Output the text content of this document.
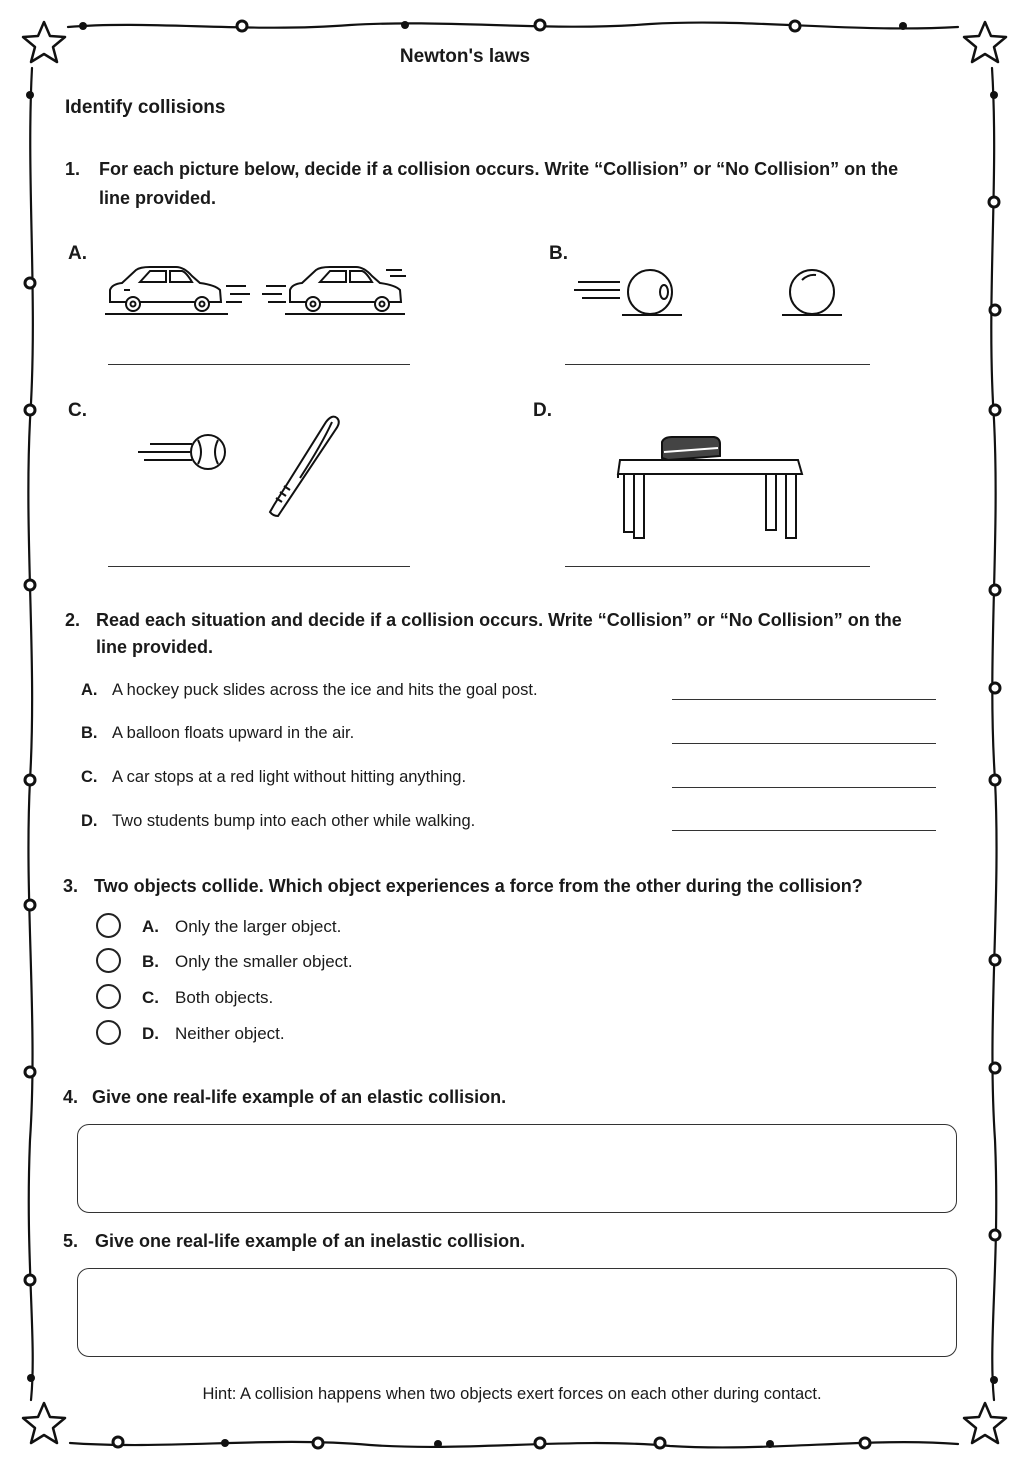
Newton's laws
Identify collisions
1. For each picture below, decide if a collision occurs. Write “Collision” or “No Collision” on the line provided.
A.	B.
C.	D.
2. Read each situation and decide if a collision occurs. Write “Collision” or “No Collision” on the line provided.
A. A hockey puck slides across the ice and hits the goal post.
B. A balloon floats upward in the air.
C. A car stops at a red light without hitting anything.
D. Two students bump into each other while walking.
3. Two objects collide. Which object experiences a force from the other during the collision?
A. Only the larger object.
B. Only the smaller object.
C. Both objects.
D. Neither object.
4. Give one real-life example of an elastic collision.
5. Give one real-life example of an inelastic collision.
Hint: A collision happens when two objects exert forces on each other during contact.
